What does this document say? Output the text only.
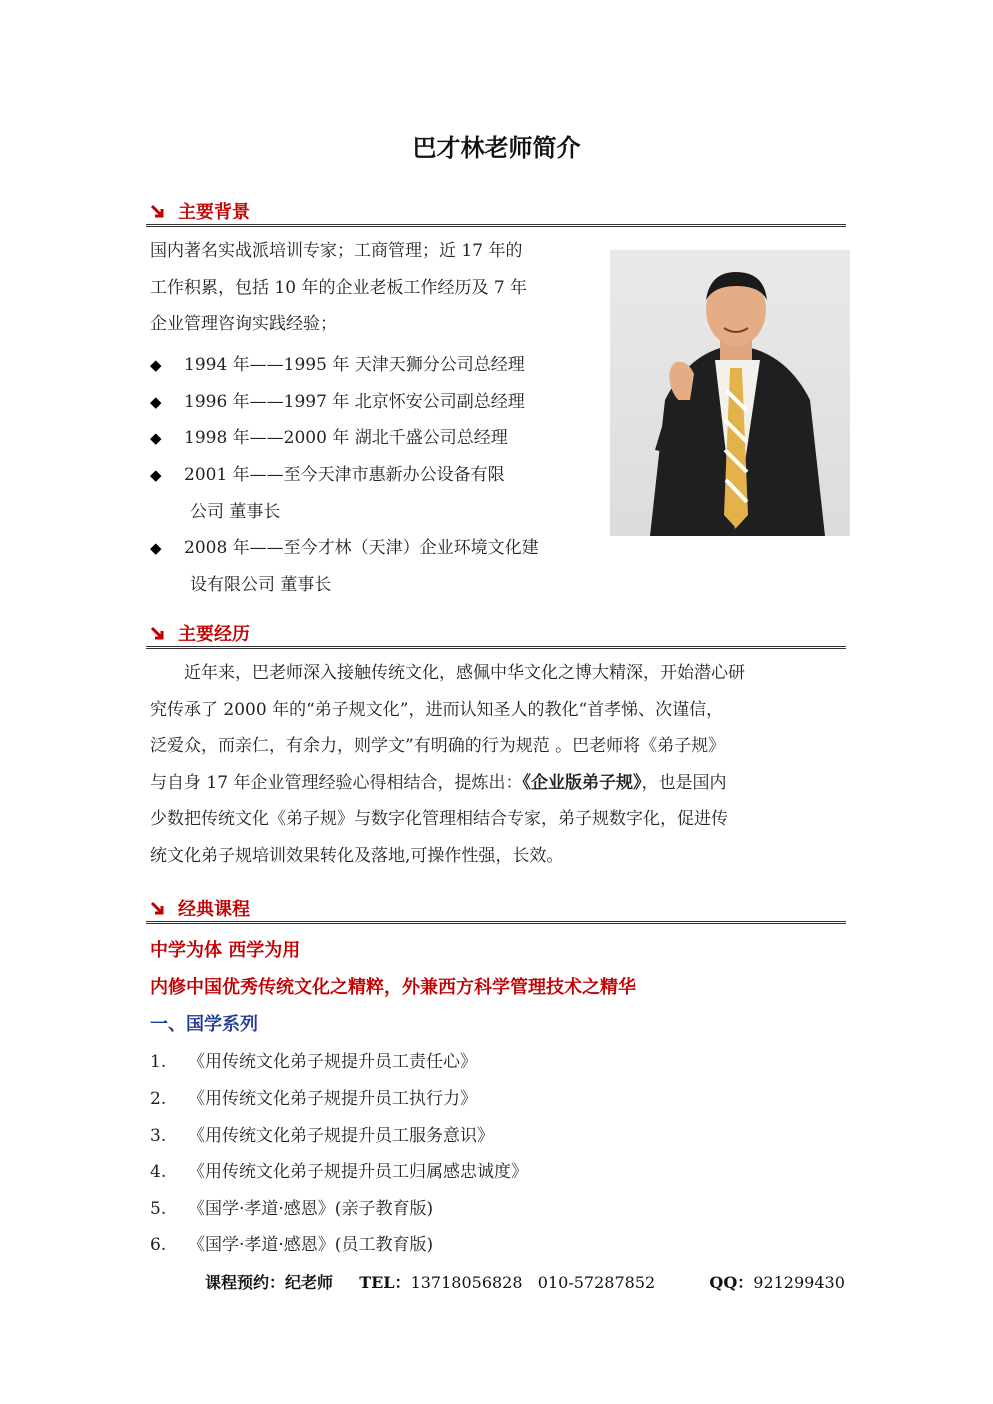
巴才林老师简介
主要背景
国内著名实战派培训专家；工商管理；近 17 年的
工作积累，包括 10 年的企业老板工作经历及 7 年
企业管理咨询实践经验；
◆ 1994 年——1995 年 天津天狮分公司总经理
◆ 1996 年——1997 年 北京怀安公司副总经理
◆ 1998 年——2000 年 湖北千盛公司总经理
◆ 2001 年——至今天津市惠新办公设备有限
公司 董事长
◆ 2008 年——至今才林（天津）企业环境文化建
设有限公司 董事长
主要经历
近年来，巴老师深入接触传统文化，感佩中华文化之博大精深，开始潜心研
究传承了 2000 年的“弟子规文化”，进而认知圣人的教化“首孝悌、次谨信，
泛爱众，而亲仁，有余力，则学文”有明确的行为规范 。巴老师将《弟子规》
与自身 17 年企业管理经验心得相结合，提炼出：《企业版弟子规》，也是国内
少数把传统文化《弟子规》与数字化管理相结合专家，弟子规数字化，促进传
统文化弟子规培训效果转化及落地,可操作性强，长效。
经典课程
中学为体 西学为用
内修中国优秀传统文化之精粹，外兼西方科学管理技术之精华
一、国学系列
1. 《用传统文化弟子规提升员工责任心》
2. 《用传统文化弟子规提升员工执行力》
3. 《用传统文化弟子规提升员工服务意识》
4. 《用传统文化弟子规提升员工归属感忠诚度》
5. 《国学·孝道·感恩》(亲子教育版)
6. 《国学·孝道·感恩》(员工教育版)
课程预约：纪老师 TEL：13718056828   010-57287852	QQ：921299430
